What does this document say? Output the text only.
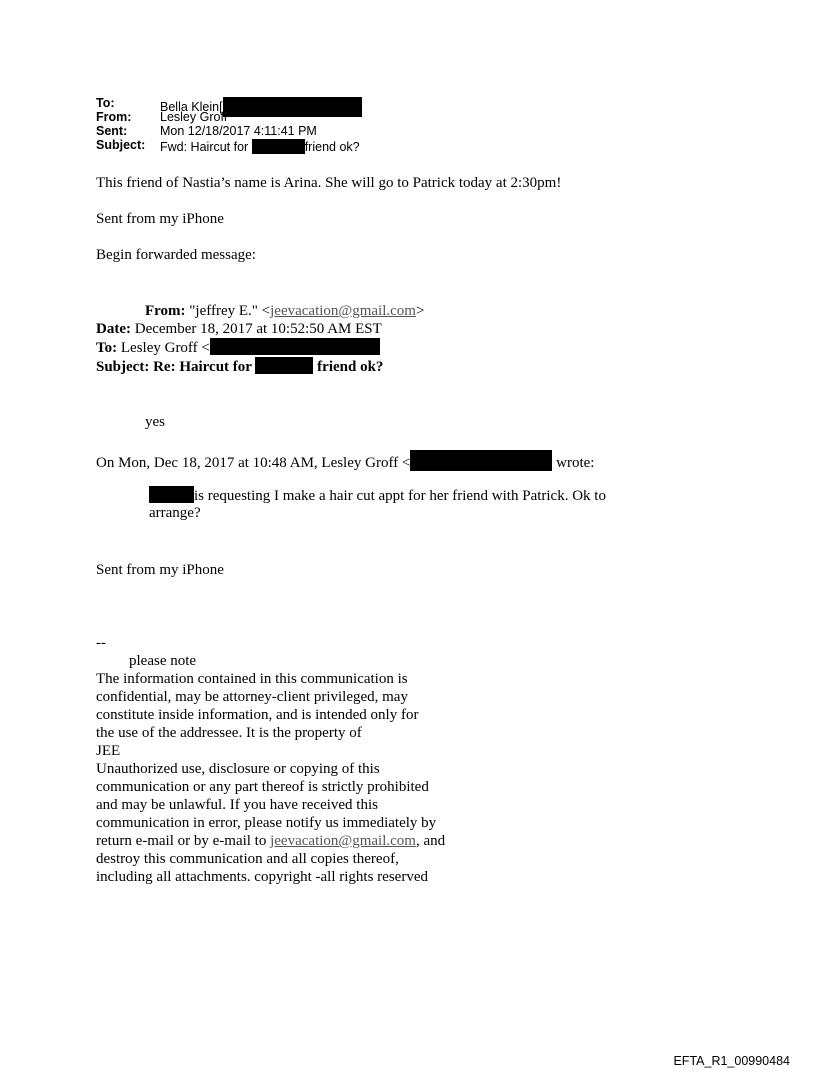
To:	Bella Klein[
From: Lesley Groff
Sent:	Mon 12/18/2017 4:11:41 PM
Subject: Fwd: Haircut for	friend ok?
This friend of Nastia’s name is Arina. She will go to Patrick today at 2:30pm!
Sent from my iPhone
Begin forwarded message:
From: "jeffrey E." <jeevacation@gmail.com>
Date: December 18, 2017 at 10:52:50 AM EST
To: Lesley Groff <
Subject: Re: Haircut for	friend ok?
yes
On Mon, Dec 18, 2017 at 10:48 AM, Lesley Groff <	wrote:
is requesting I make a hair cut appt for her friend with Patrick. Ok to
arrange?
Sent from my iPhone
--
please note
The information contained in this communication is
confidential, may be attorney-client privileged, may
constitute inside information, and is intended only for
the use of the addressee. It is the property of
JEE
Unauthorized use, disclosure or copying of this
communication or any part thereof is strictly prohibited
and may be unlawful. If you have received this
communication in error, please notify us immediately by
return e-mail or by e-mail to jeevacation@gmail.com, and
destroy this communication and all copies thereof,
including all attachments. copyright -all rights reserved
EFTA_R1_00990484
